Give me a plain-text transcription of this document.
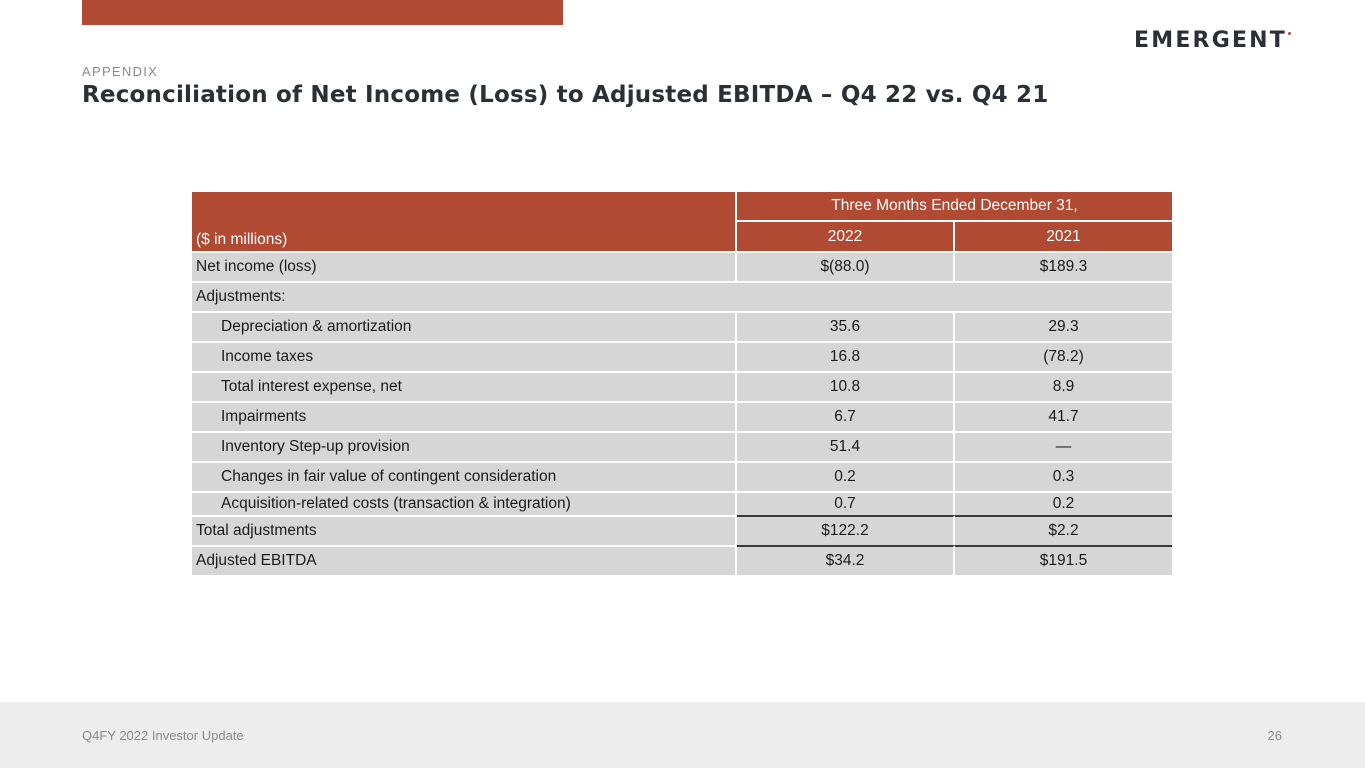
EMERGENT
APPENDIX
Reconciliation of Net Income (Loss) to Adjusted EBITDA – Q4 22 vs. Q4 21
($ in millions)	Three Months Ended December 31,	
	2022	2021
Net income (loss)	$(88.0)	$189.3
Adjustments:		
Depreciation & amortization	35.6	29.3
Income taxes	16.8	(78.2)
Total interest expense, net	10.8	8.9
Impairments	6.7	41.7
Inventory Step-up provision	51.4	—
Changes in fair value of contingent consideration	0.2	0.3
Acquisition-related costs (transaction & integration)	0.7	0.2
Total adjustments	$122.2	$2.2
Adjusted EBITDA	$34.2	$191.5
Q4FY 2022 Investor Update	26
